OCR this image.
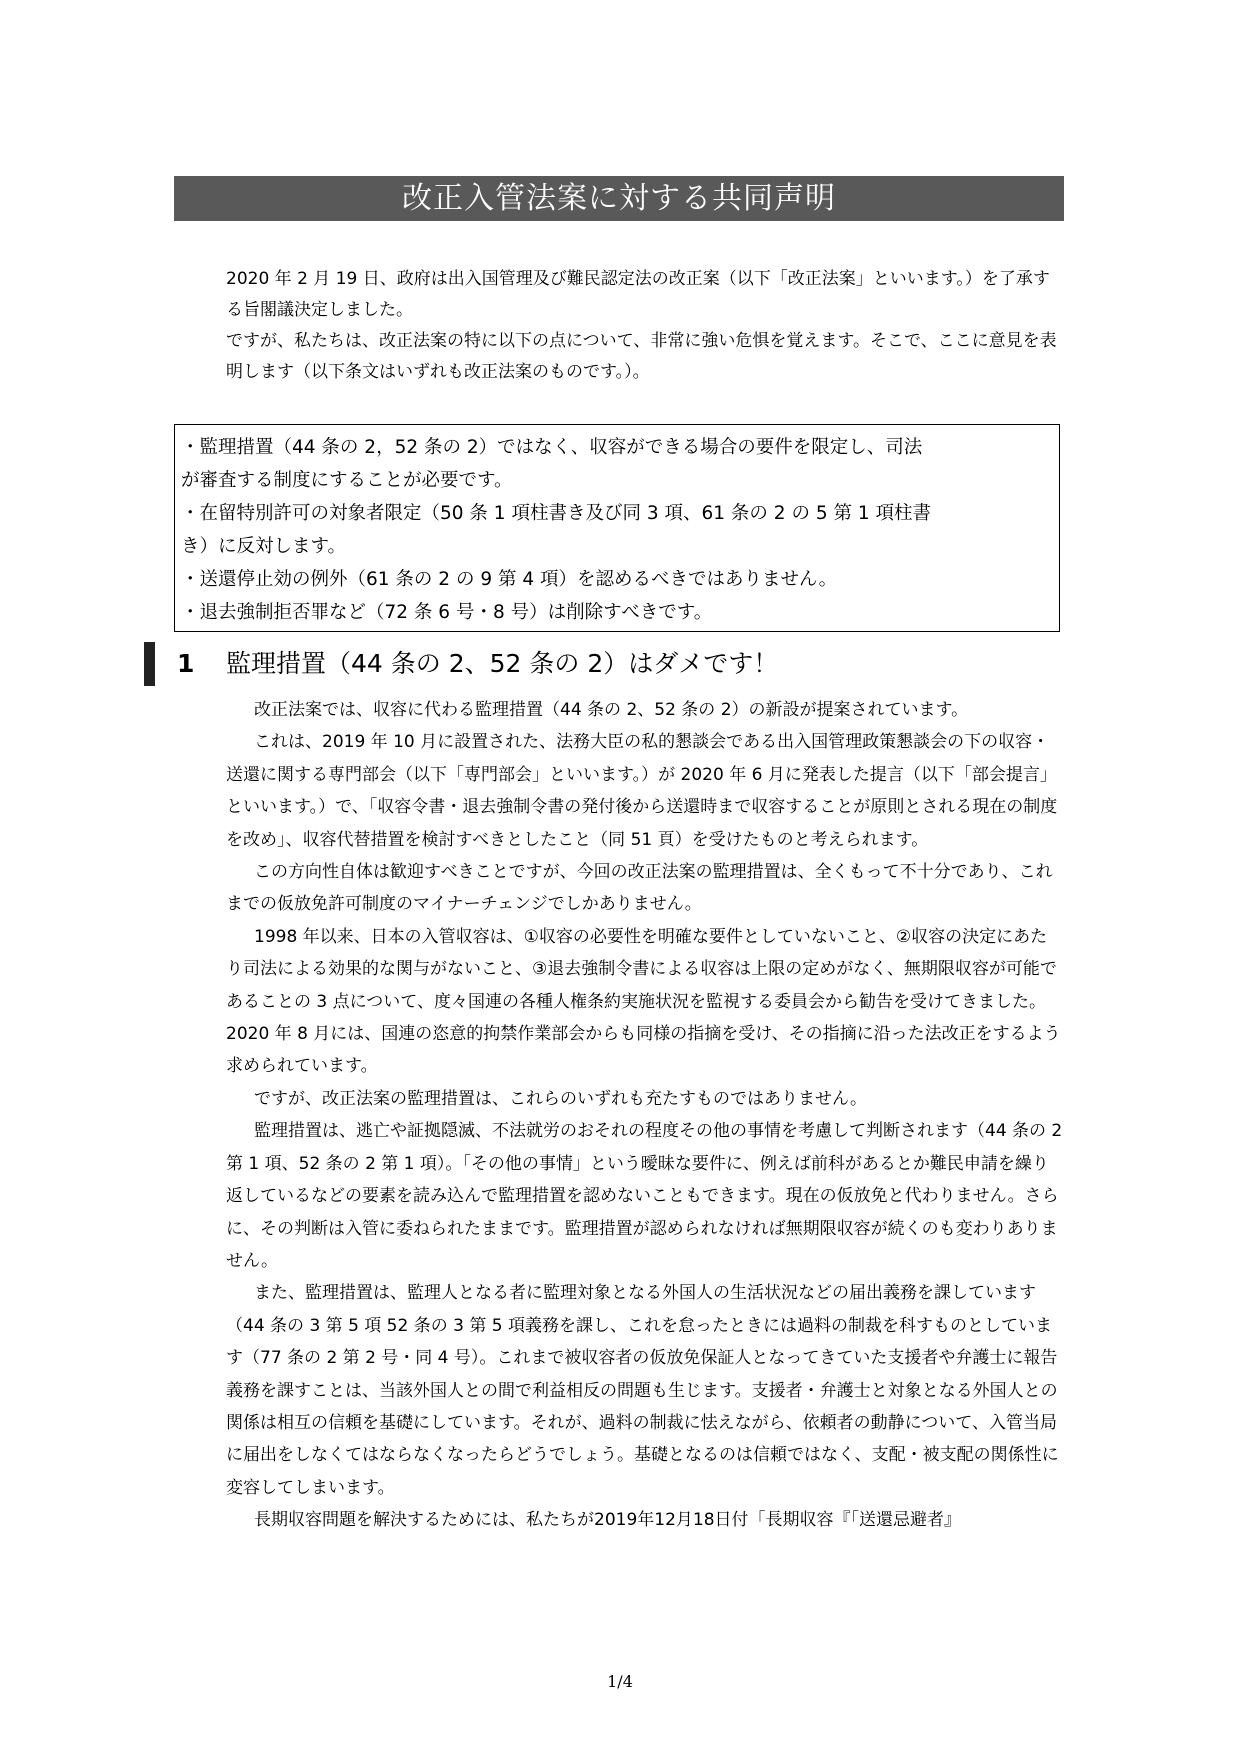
改正入管法案に対する共同声明

2020 年 2 月 19 日、政府は出入国管理及び難民認定法の改正案（以下「改正法案」といいます。）を了承する旨閣議決定しました。

ですが、私たちは、改正法案の特に以下の点について、非常に強い危惧を覚えます。そこで、ここに意見を表明します（以下条文はいずれも改正法案のものです。）。

・監理措置（44 条の 2，52 条の 2）ではなく、収容ができる場合の要件を限定し、司法

が審査する制度にすることが必要です。

・在留特別許可の対象者限定（50 条 1 項柱書き及び同 3 項、61 条の 2 の 5 第 1 項柱書

き）に反対します。

・送還停止効の例外（61 条の 2 の 9 第 4 項）を認めるべきではありません。

・退去強制拒否罪など（72 条 6 号・8 号）は削除すべきです。

1 監理措置（44 条の 2、52 条の 2）はダメです！

改正法案では、収容に代わる監理措置（44 条の 2、52 条の 2）の新設が提案されています。

これは、2019 年 10 月に設置された、法務大臣の私的懇談会である出入国管理政策懇談会の下の収容・送還に関する専門部会（以下「専門部会」といいます。）が 2020 年 6 月に発表した提言（以下「部会提言」といいます。）で、「収容令書・退去強制令書の発付後から送還時まで収容することが原則とされる現在の制度を改め」、収容代替措置を検討すべきとしたこと（同 51 頁）を受けたものと考えられます。

この方向性自体は歓迎すべきことですが、今回の改正法案の監理措置は、全くもって不十分であり、これまでの仮放免許可制度のマイナーチェンジでしかありません。

1998 年以来、日本の入管収容は、①収容の必要性を明確な要件としていないこと、②収容の決定にあたり司法による効果的な関与がないこと、③退去強制令書による収容は上限の定めがなく、無期限収容が可能であることの 3 点について、度々国連の各種人権条約実施状況を監視する委員会から勧告を受けてきました。2020 年 8 月には、国連の恣意的拘禁作業部会からも同様の指摘を受け、その指摘に沿った法改正をするよう求められています。

ですが、改正法案の監理措置は、これらのいずれも充たすものではありません。

監理措置は、逃亡や証拠隠滅、不法就労のおそれの程度その他の事情を考慮して判断されます（44 条の 2 第 1 項、52 条の 2 第 1 項）。「その他の事情」という曖昧な要件に、例えば前科があるとか難民申請を繰り返しているなどの要素を読み込んで監理措置を認めないこともできます。現在の仮放免と代わりません。さらに、その判断は入管に委ねられたままです。監理措置が認められなければ無期限収容が続くのも変わりありません。

また、監理措置は、監理人となる者に監理対象となる外国人の生活状況などの届出義務を課しています（44 条の 3 第 5 項 52 条の 3 第 5 項義務を課し、これを怠ったときには過料の制裁を科すものとしています（77 条の 2 第 2 号・同 4 号）。これまで被収容者の仮放免保証人となってきていた支援者や弁護士に報告義務を課すことは、当該外国人との間で利益相反の問題も生じます。支援者・弁護士と対象となる外国人との関係は相互の信頼を基礎にしています。それが、過料の制裁に怯えながら、依頼者の動静について、入管当局に届出をしなくてはならなくなったらどうでしょう。基礎となるのは信頼ではなく、支配・被支配の関係性に変容してしまいます。

長期収容問題を解決するためには、私たちが2019年12月18日付「長期収容『「送還忌避者』

1/4
